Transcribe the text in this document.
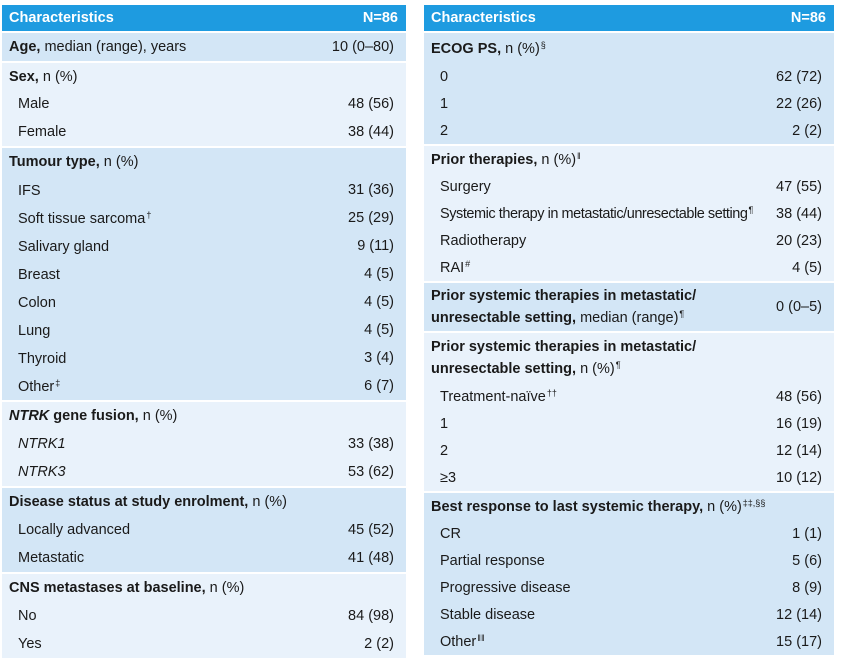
Characteristics	N=86
Age, median (range), years	10 (0–80)
Sex, n (%)
Male	48 (56)
Female	38 (44)
Tumour type, n (%)
IFS	31 (36)
Soft tissue sarcoma†	25 (29)
Salivary gland	9 (11)
Breast	4 (5)
Colon	4 (5)
Lung	4 (5)
Thyroid	3 (4)
Other‡	6 (7)
NTRK gene fusion, n (%)
NTRK1	33 (38)
NTRK3	53 (62)
Disease status at study enrolment, n (%)
Locally advanced	45 (52)
Metastatic	41 (48)
CNS metastases at baseline, n (%)
No	84 (98)
Yes	2 (2)
Characteristics	N=86
ECOG PS, n (%)§
0	62 (72)
1	22 (26)
2	2 (2)
Prior therapies, n (%)$^ǁ$
Surgery	47 (55)
Systemic therapy in metastatic/unresectable setting¶ 38 (44)
Radiotherapy	20 (23)
RAI#	4 (5)
Prior systemic therapies in metastatic/
unresectable setting, median (range)¶	0 (0–5)
Prior systemic therapies in metastatic/
unresectable setting, n (%)¶
Treatment-naïve††	48 (56)
1	16 (19)
2	12 (14)
≥3	10 (12)
Best response to last systemic therapy, n (%)‡‡,§§
CR	1 (1)
Partial response	5 (6)
Progressive disease	8 (9)
Stable disease	12 (14)
Other$^{ǁǁ}$	15 (17)
